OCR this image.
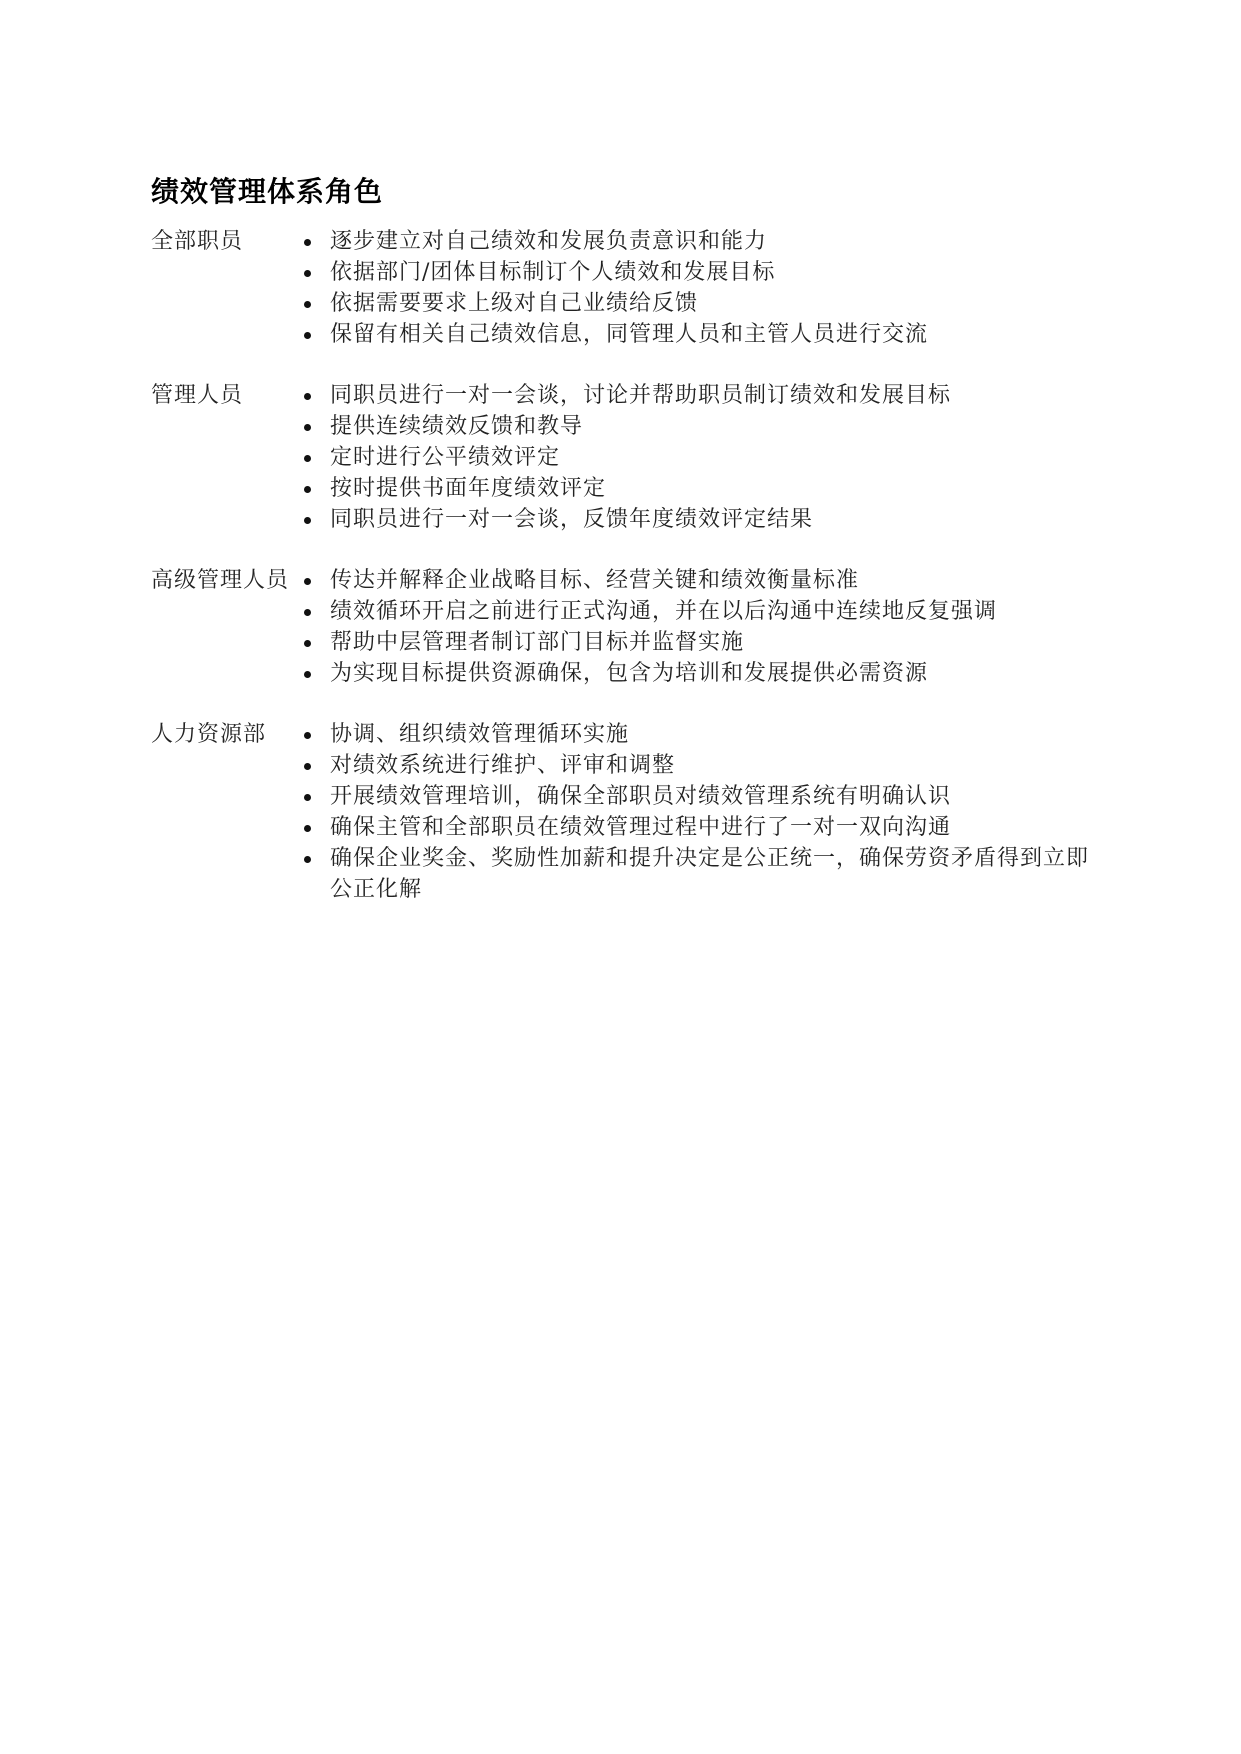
绩效管理体系角色
全部职员	逐步建立对自己绩效和发展负责意识和能力
依据部门/团体目标制订个人绩效和发展目标
依据需要要求上级对自己业绩给反馈
保留有相关自己绩效信息，同管理人员和主管人员进行交流
管理人员	同职员进行一对一会谈，讨论并帮助职员制订绩效和发展目标
提供连续绩效反馈和教导
定时进行公平绩效评定
按时提供书面年度绩效评定
同职员进行一对一会谈，反馈年度绩效评定结果
高级管理人员	传达并解释企业战略目标、经营关键和绩效衡量标准
绩效循环开启之前进行正式沟通，并在以后沟通中连续地反复强调
帮助中层管理者制订部门目标并监督实施
为实现目标提供资源确保，包含为培训和发展提供必需资源
人力资源部	协调、组织绩效管理循环实施
对绩效系统进行维护、评审和调整
开展绩效管理培训，确保全部职员对绩效管理系统有明确认识
确保主管和全部职员在绩效管理过程中进行了一对一双向沟通
确保企业奖金、奖励性加薪和提升决定是公正统一，确保劳资矛盾得到立即公正化解
